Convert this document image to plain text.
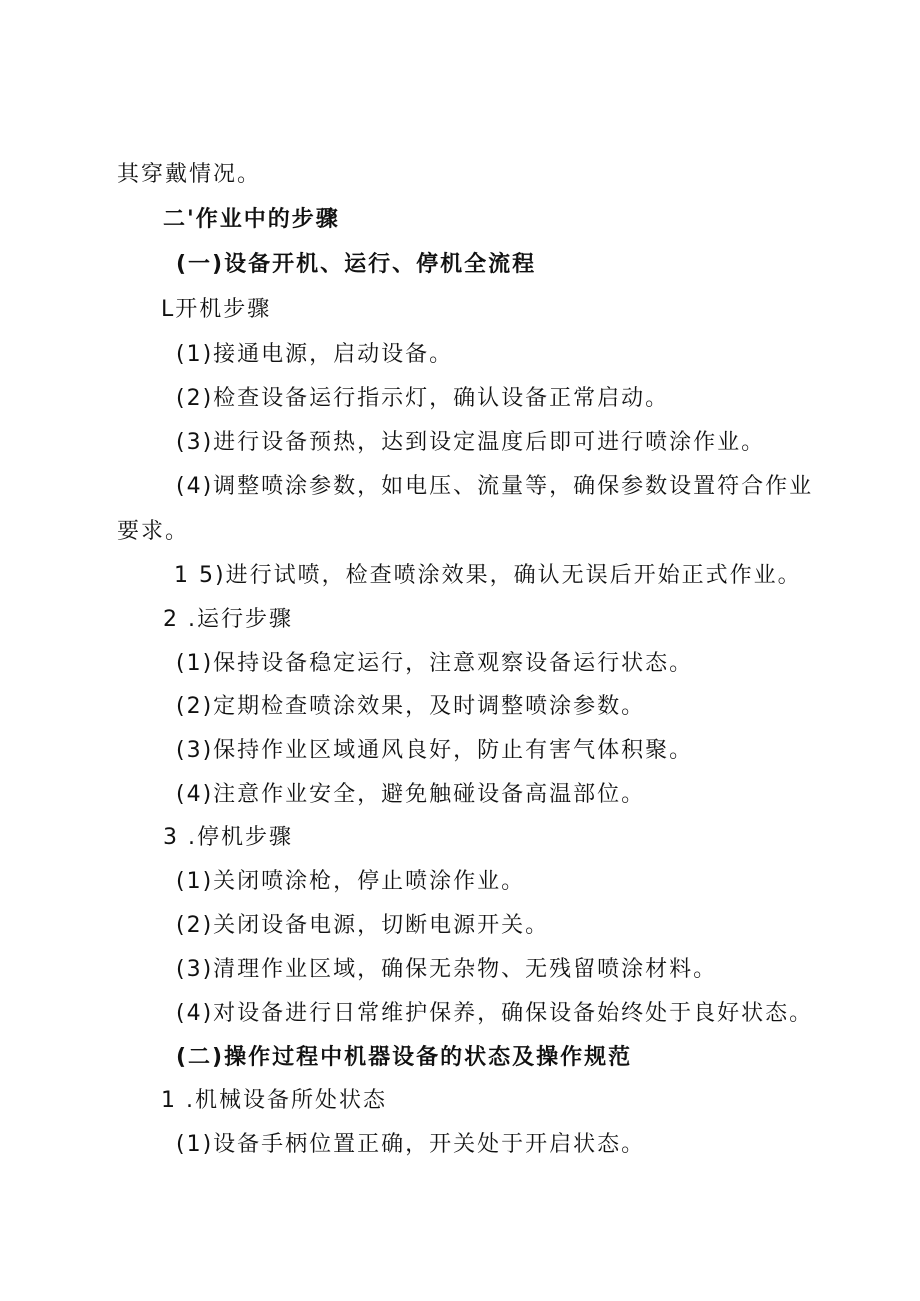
其穿戴情况。

二'作业中的步骤

(一)设备开机、运行、停机全流程

L开机步骤

(1)接通电源，启动设备。

(2)检查设备运行指示灯，确认设备正常启动。

(3)进行设备预热，达到设定温度后即可进行喷涂作业。

(4)调整喷涂参数，如电压、流量等，确保参数设置符合作业

要求。

1 5)进行试喷，检查喷涂效果，确认无误后开始正式作业。

2 .运行步骤

(1)保持设备稳定运行，注意观察设备运行状态。

(2)定期检查喷涂效果，及时调整喷涂参数。

(3)保持作业区域通风良好，防止有害气体积聚。

(4)注意作业安全，避免触碰设备高温部位。

3 .停机步骤

(1)关闭喷涂枪，停止喷涂作业。

(2)关闭设备电源，切断电源开关。

(3)清理作业区域，确保无杂物、无残留喷涂材料。

(4)对设备进行日常维护保养，确保设备始终处于良好状态。

(二)操作过程中机器设备的状态及操作规范

1 .机械设备所处状态

(1)设备手柄位置正确，开关处于开启状态。
